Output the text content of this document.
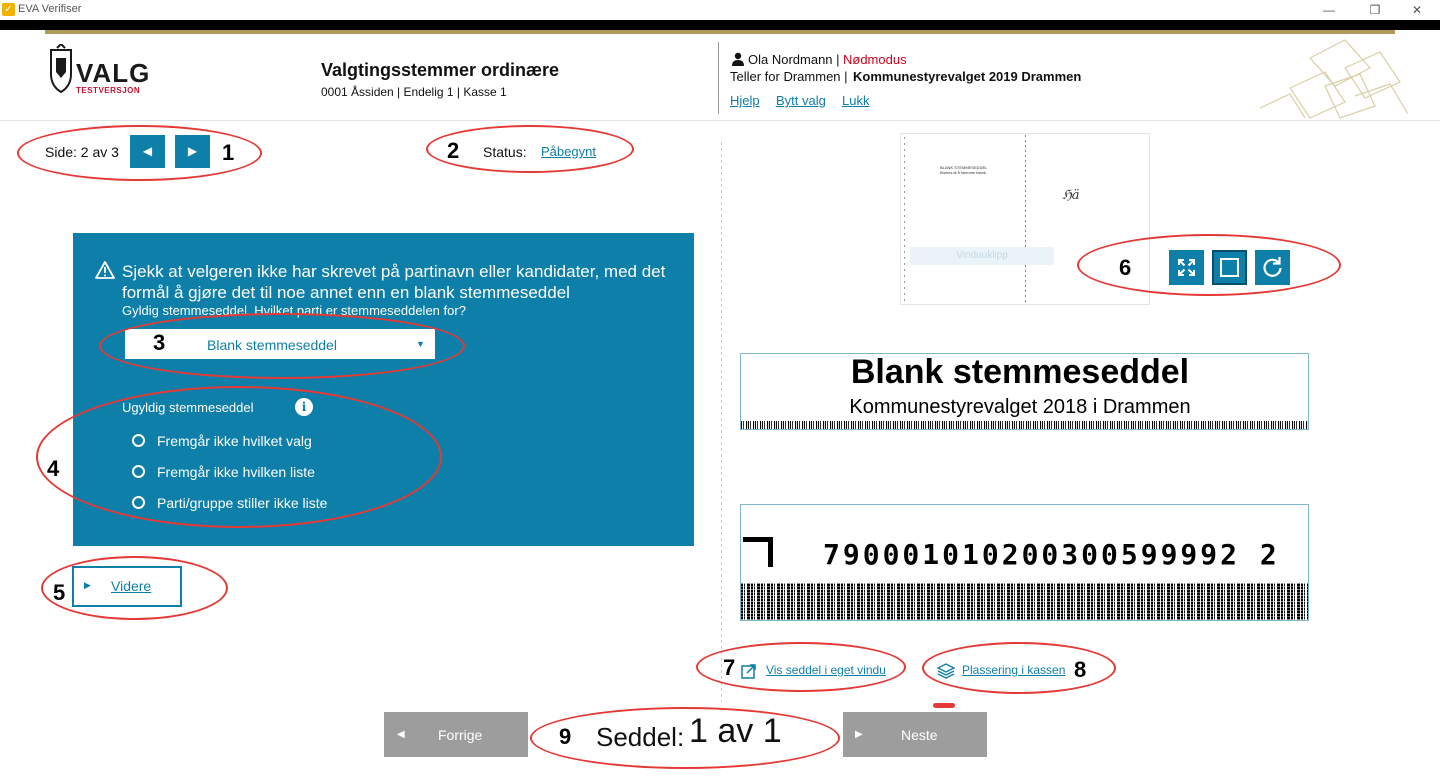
✓ EVA Verifiser	—	❐	✕
VALG
TESTVERSJON
Valgtingsstemmer ordinære
0001 Åssiden | Endelig 1 | Kasse 1
Ola Nordmann | Nødmodus
Teller for Drammen | Kommunestyrevalget 2019 Drammen
Hjelp Bytt valg Lukk
Side: 2 av 3	◀	▶	Status: Påbegynt
Sjekk at velgeren ikke har skrevet på partinavn eller kandidater, med det formål å gjøre det til noe annet enn en blank stemmeseddel
Gyldig stemmeseddel. Hvilket parti er stemmeseddelen for?
Blank stemmeseddel	▼
Ugyldig stemmeseddel	i
Fremgår ikke hvilket valg
Fremgår ikke hvilken liste
Parti/gruppe stiller ikke liste
▶ Videre
BLANK STEMMESEDDEL Brukes til å stemme blank.
ℌä
Vinduuklipp
Blank stemmeseddel
Kommunestyrevalget 2018 i Drammen
790001010200300599992 2
Vis seddel i eget vindu	Plassering i kassen
◀ Forrige	Seddel: 1 av 1	▶	Neste
1	2
3
4
5
6
7	8
9
